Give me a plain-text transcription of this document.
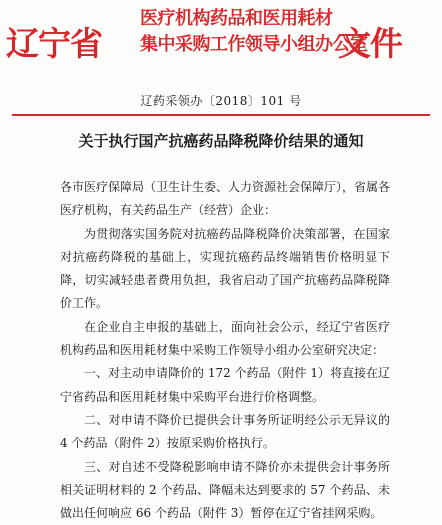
辽宁省
医疗机构药品和医用耗材
集中采购工作领导小组办公室
文件
辽药采领办〔2018〕101 号
关于执行国产抗癌药品降税降价结果的通知

各市医疗保障局（卫生计生委、人力资源社会保障厅），省属各医疗机构，有关药品生产（经营）企业：

为贯彻落实国务院对抗癌药品降税降价决策部署，在国家对抗癌药降税的基础上，实现抗癌药品终端销售价格明显下降，切实减轻患者费用负担，我省启动了国产抗癌药品降税降价工作。

在企业自主申报的基础上，面向社会公示，经辽宁省医疗机构药品和医用耗材集中采购工作领导小组办公室研究决定：

一、对主动申请降价的 172 个药品（附件 1）将直接在辽宁省药品和医用耗材集中采购平台进行价格调整。

二、对申请不降价已提供会计事务所证明经公示无异议的 4 个药品（附件 2）按原采购价格执行。

三、对自述不受降税影响申请不降价亦未提供会计事务所相关证明材料的 2 个药品、降幅未达到要求的 57 个药品、未做出任何响应 66 个药品（附件 3）暂停在辽宁省挂网采购。
